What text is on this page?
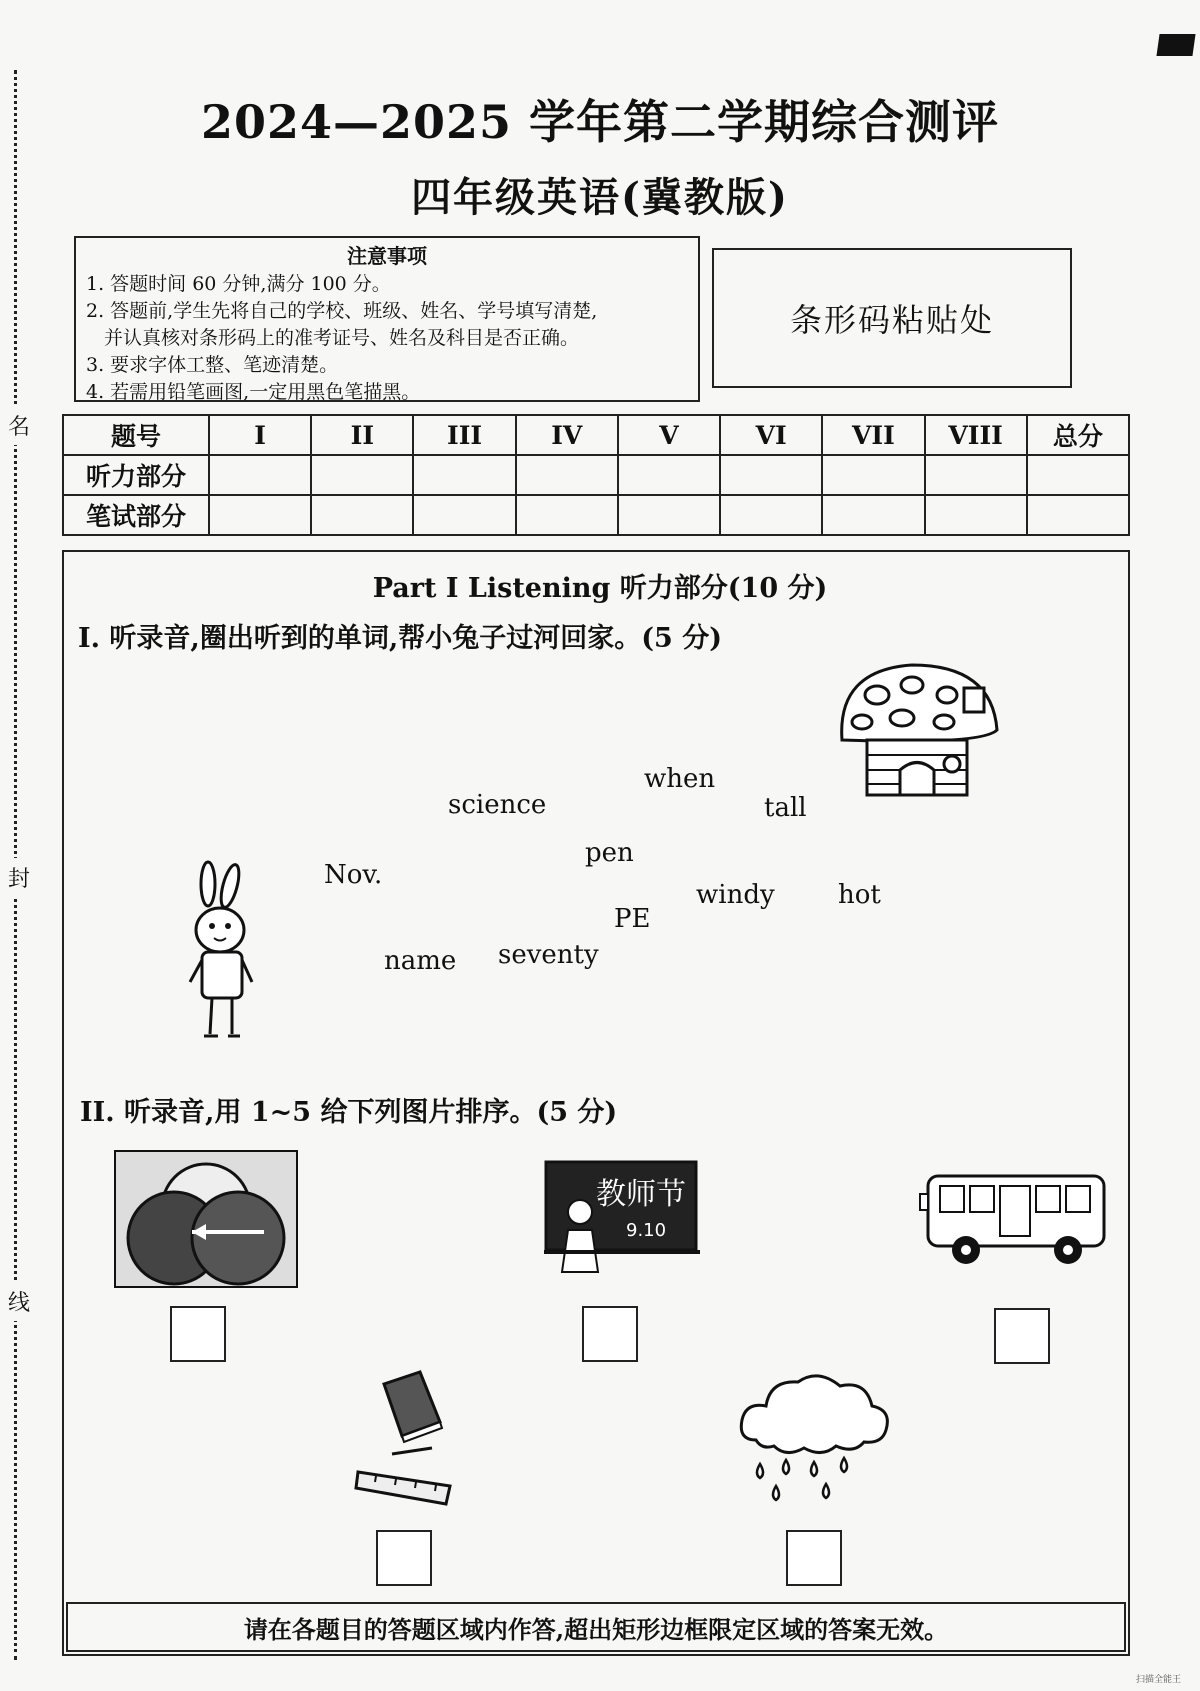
名
封
线
2024—2025 学年第二学期综合测评
四年级英语(冀教版)
注意事项
1. 答题时间 60 分钟,满分 100 分。
2. 答题前,学生先将自己的学校、班级、姓名、学号填写清楚,
并认真核对条形码上的准考证号、姓名及科目是否正确。
3. 要求字体工整、笔迹清楚。
4. 若需用铅笔画图,一定用黑色笔描黑。
条形码粘贴处
题号	I	II	III	IV	V	VI	VII	VIII	总分
听力部分									
笔试部分									
Part I Listening 听力部分(10 分)
I. 听录音,圈出听到的单词,帮小兔子过河回家。(5 分)
when
science	tall
pen
Nov.
windy hot
PE
name seventy
II. 听录音,用 1~5 给下列图片排序。(5 分)
教师节
9.10
请在各题目的答题区域内作答,超出矩形边框限定区域的答案无效。
扫描全能王
